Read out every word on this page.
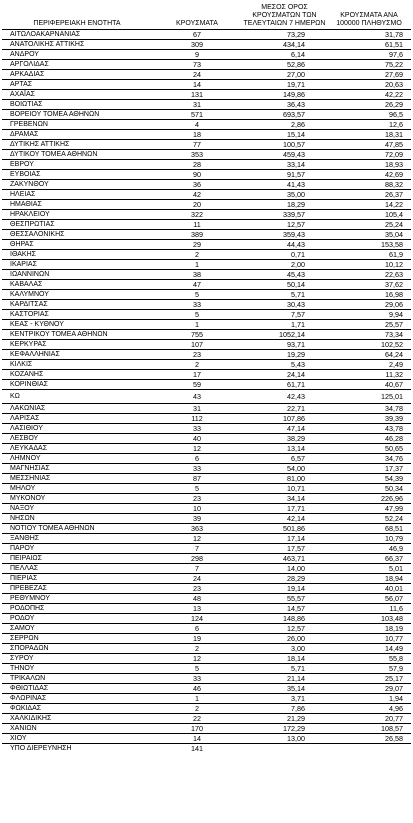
ΠΕΡΙΦΕΡΕΙΑΚΗ ΕΝΟΤΗΤΑ	ΚΡΟΥΣΜΑΤΑ	ΜΕΣΟΣ ΟΡΟΣ ΚΡΟΥΣΜΑΤΩΝ ΤΩΝ ΤΕΛΕΥΤΑΙΩΝ 7 ΗΜΕΡΩΝ	ΚΡΟΥΣΜΑΤΑ ΑΝΑ 100000 ΠΛΗΘΥΣΜΟ
ΑΙΤΩΛΟΑΚΑΡΝΑΝΙΑΣ	67	73,29	31,78
ΑΝΑΤΟΛΙΚΗΣ ΑΤΤΙΚΗΣ	309	434,14	61,51
ΑΝΔΡΟΥ	9	6,14	97,6
ΑΡΓΟΛΙΔΑΣ	73	52,86	75,22
ΑΡΚΑΔΙΑΣ	24	27,00	27,69
ΑΡΤΑΣ	14	19,71	20,63
ΑΧΑΪΑΣ	131	149,86	42,22
ΒΟΙΩΤΙΑΣ	31	36,43	26,29
ΒΟΡΕΙΟΥ ΤΟΜΕΑ ΑΘΗΝΩΝ	571	693,57	96,5
ΓΡΕΒΕΝΩΝ	4	2,86	12,6
ΔΡΑΜΑΣ	18	15,14	18,31
ΔΥΤΙΚΗΣ ΑΤΤΙΚΗΣ	77	100,57	47,85
ΔΥΤΙΚΟΥ ΤΟΜΕΑ ΑΘΗΝΩΝ	353	459,43	72,09
ΕΒΡΟΥ	28	33,14	18,93
ΕΥΒΟΙΑΣ	90	91,57	42,69
ΖΑΚΥΝΘΟΥ	36	41,43	88,32
ΗΛΕΙΑΣ	42	35,00	26,37
ΗΜΑΘΙΑΣ	20	18,29	14,22
ΗΡΑΚΛΕΙΟΥ	322	339,57	105,4
ΘΕΣΠΡΩΤΙΑΣ	11	12,57	25,24
ΘΕΣΣΑΛΟΝΙΚΗΣ	389	359,43	35,04
ΘΗΡΑΣ	29	44,43	153,58
ΙΘΑΚΗΣ	2	0,71	61,9
ΙΚΑΡΙΑΣ	1	2,00	10,12
ΙΩΑΝΝΙΝΩΝ	38	45,43	22,63
ΚΑΒΑΛΑΣ	47	50,14	37,62
ΚΑΛΥΜΝΟΥ	5	5,71	16,98
ΚΑΡΔΙΤΣΑΣ	33	30,43	29,06
ΚΑΣΤΟΡΙΑΣ	5	7,57	9,94
ΚΕΑΣ - ΚΥΘΝΟΥ	1	1,71	25,57
ΚΕΝΤΡΙΚΟΥ ΤΟΜΕΑ ΑΘΗΝΩΝ	755	1052,14	73,34
ΚΕΡΚΥΡΑΣ	107	93,71	102,52
ΚΕΦΑΛΛΗΝΙΑΣ	23	19,29	64,24
ΚΙΛΚΙΣ	2	5,43	2,49
ΚΟΖΑΝΗΣ	17	24,14	11,32
ΚΟΡΙΝΘΙΑΣ	59	61,71	40,67
ΚΩ	43	42,43	125,01
ΛΑΚΩΝΙΑΣ	31	22,71	34,78
ΛΑΡΙΣΑΣ	112	107,86	39,39
ΛΑΣΙΘΙΟΥ	33	47,14	43,78
ΛΕΣΒΟΥ	40	38,29	46,28
ΛΕΥΚΑΔΑΣ	12	13,14	50,65
ΛΗΜΝΟΥ	6	6,57	34,76
ΜΑΓΝΗΣΙΑΣ	33	54,00	17,37
ΜΕΣΣΗΝΙΑΣ	87	81,00	54,39
ΜΗΛΟΥ	5	10,71	50,34
ΜΥΚΟΝΟΥ	23	34,14	226,96
ΝΑΞΟΥ	10	17,71	47,99
ΝΗΣΩΝ	39	42,14	52,24
ΝΟΤΙΟΥ ΤΟΜΕΑ ΑΘΗΝΩΝ	363	501,86	68,51
ΞΑΝΘΗΣ	12	17,14	10,79
ΠΑΡΟΥ	7	17,57	46,9
ΠΕΙΡΑΙΩΣ	298	463,71	66,37
ΠΕΛΛΑΣ	7	14,00	5,01
ΠΙΕΡΙΑΣ	24	28,29	18,94
ΠΡΕΒΕΖΑΣ	23	19,14	40,01
ΡΕΘΥΜΝΟΥ	48	55,57	56,07
ΡΟΔΟΠΗΣ	13	14,57	11,6
ΡΟΔΟΥ	124	148,86	103,48
ΣΑΜΟΥ	6	12,57	18,19
ΣΕΡΡΩΝ	19	26,00	10,77
ΣΠΟΡΑΔΩΝ	2	3,00	14,49
ΣΥΡΟΥ	12	18,14	55,8
ΤΗΝΟΥ	5	5,71	57,9
ΤΡΙΚΑΛΩΝ	33	21,14	25,17
ΦΘΙΩΤΙΔΑΣ	46	35,14	29,07
ΦΛΩΡΙΝΑΣ	1	3,71	1,94
ΦΩΚΙΔΑΣ	2	7,86	4,96
ΧΑΛΚΙΔΙΚΗΣ	22	21,29	20,77
ΧΑΝΙΩΝ	170	172,29	108,57
ΧΙΟΥ	14	13,00	26,58
ΥΠΟ ΔΙΕΡΕΥΝΗΣΗ	141		
